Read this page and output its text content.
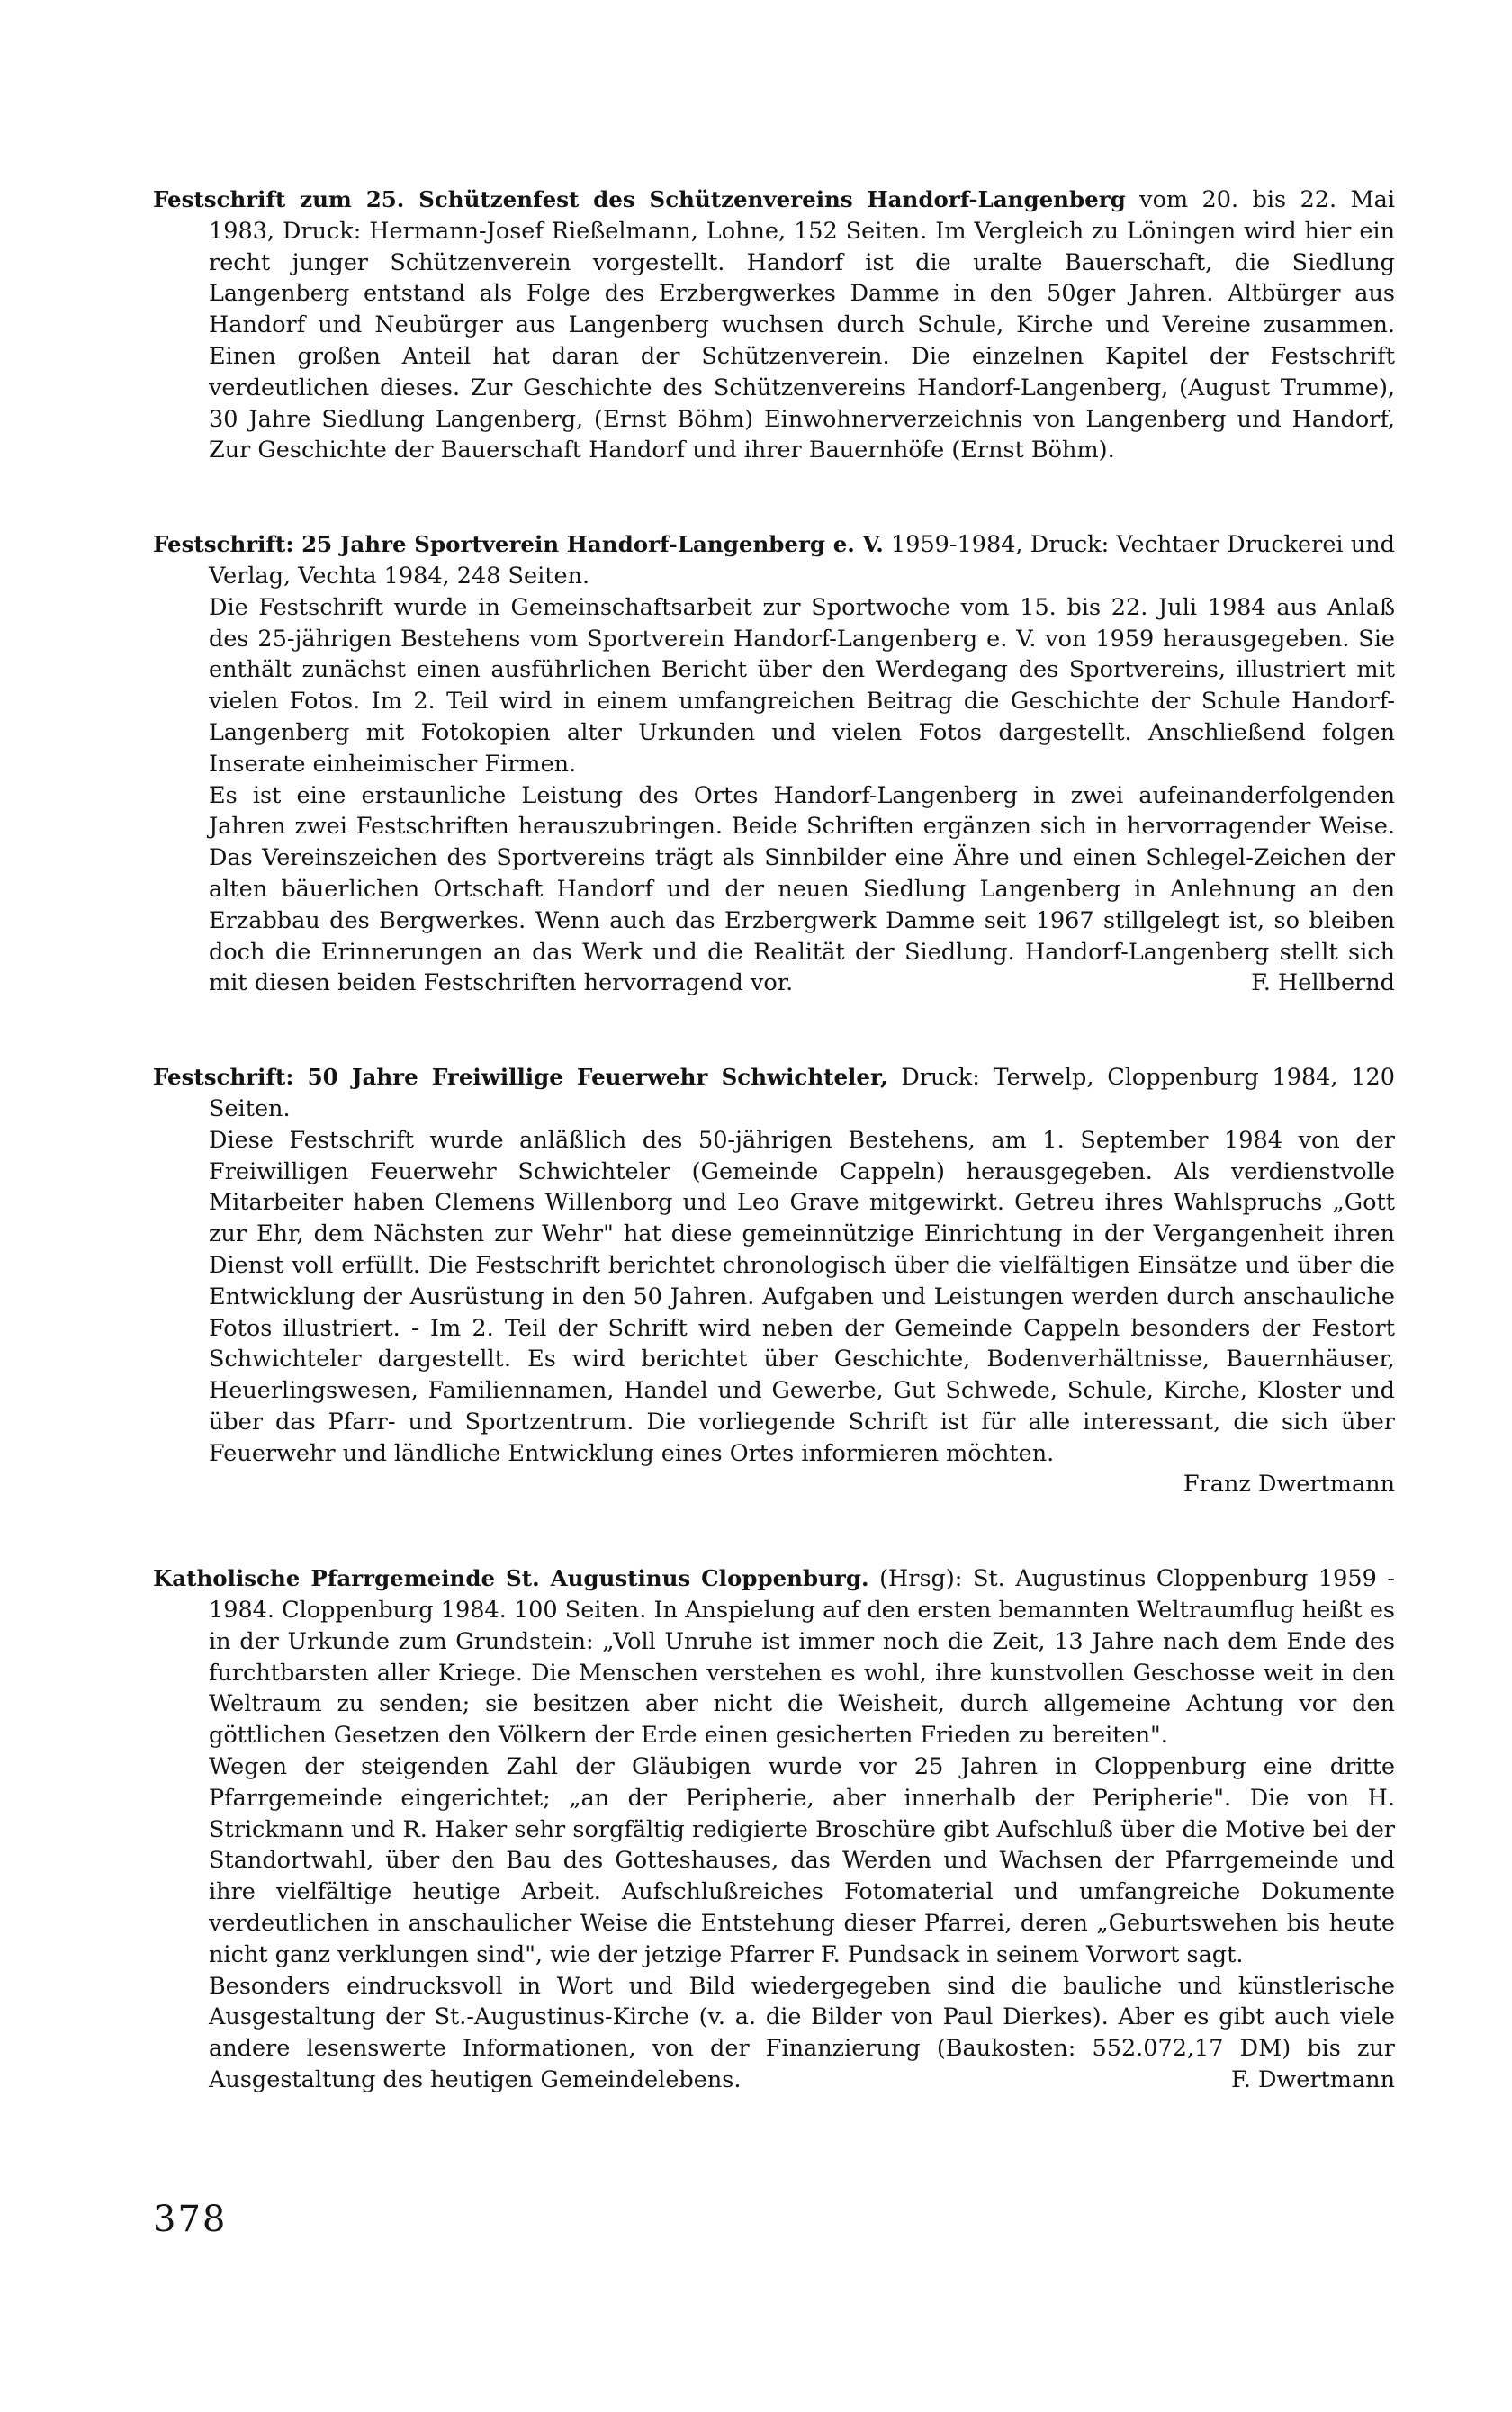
Festschrift zum 25. Schützenfest des Schützenvereins Handorf-Langenberg vom 20. bis 22. Mai 1983, Druck: Hermann-Josef Rießelmann, Lohne, 152 Seiten. Im Vergleich zu Löningen wird hier ein recht junger Schützenverein vorgestellt. Handorf ist die uralte Bauerschaft, die Siedlung Langenberg entstand als Folge des Erzbergwerkes Damme in den 50ger Jahren. Altbürger aus Handorf und Neubürger aus Langenberg wuchsen durch Schule, Kirche und Vereine zusammen. Einen großen Anteil hat daran der Schützenverein. Die einzelnen Kapitel der Festschrift verdeutlichen dieses. Zur Geschichte des Schützenvereins Handorf-Langenberg, (August Trumme), 30 Jahre Siedlung Langenberg, (Ernst Böhm) Einwohnerverzeichnis von Langenberg und Handorf, Zur Geschichte der Bauerschaft Handorf und ihrer Bauernhöfe (Ernst Böhm).

Festschrift: 25 Jahre Sportverein Handorf-Langenberg e. V. 1959-1984, Druck: Vechtaer Druckerei und Verlag, Vechta 1984, 248 Seiten.
Die Festschrift wurde in Gemeinschaftsarbeit zur Sportwoche vom 15. bis 22. Juli 1984 aus Anlaß des 25-jährigen Bestehens vom Sportverein Handorf-Langenberg e. V. von 1959 herausgegeben. Sie enthält zunächst einen ausführlichen Bericht über den Werdegang des Sportvereins, illustriert mit vielen Fotos. Im 2. Teil wird in einem umfangreichen Beitrag die Geschichte der Schule Handorf-Langenberg mit Fotokopien alter Urkunden und vielen Fotos dargestellt. Anschließend folgen Inserate einheimischer Firmen.
Es ist eine erstaunliche Leistung des Ortes Handorf-Langenberg in zwei aufeinanderfolgenden Jahren zwei Festschriften herauszubringen. Beide Schriften ergänzen sich in hervorragender Weise. Das Vereinszeichen des Sportvereins trägt als Sinnbilder eine Ähre und einen Schlegel-Zeichen der alten bäuerlichen Ortschaft Handorf und der neuen Siedlung Langenberg in Anlehnung an den Erzabbau des Bergwerkes. Wenn auch das Erzbergwerk Damme seit 1967 stillgelegt ist, so bleiben doch die Erinnerungen an das Werk und die Realität der Siedlung. Handorf-Langenberg stellt sich mit diesen beiden Festschriften hervorragend vor.	F. Hellbernd

Festschrift: 50 Jahre Freiwillige Feuerwehr Schwichteler, Druck: Terwelp, Cloppenburg 1984, 120 Seiten.
Diese Festschrift wurde anläßlich des 50-jährigen Bestehens, am 1. September 1984 von der Freiwilligen Feuerwehr Schwichteler (Gemeinde Cappeln) herausgegeben. Als verdienstvolle Mitarbeiter haben Clemens Willenborg und Leo Grave mitgewirkt. Getreu ihres Wahlspruchs „Gott zur Ehr, dem Nächsten zur Wehr" hat diese gemeinnützige Einrichtung in der Vergangenheit ihren Dienst voll erfüllt. Die Festschrift berichtet chronologisch über die vielfältigen Einsätze und über die Entwicklung der Ausrüstung in den 50 Jahren. Aufgaben und Leistungen werden durch anschauliche Fotos illustriert. - Im 2. Teil der Schrift wird neben der Gemeinde Cappeln besonders der Festort Schwichteler dargestellt. Es wird berichtet über Geschichte, Bodenverhältnisse, Bauernhäuser, Heuerlingswesen, Familiennamen, Handel und Gewerbe, Gut Schwede, Schule, Kirche, Kloster und über das Pfarr- und Sportzentrum. Die vorliegende Schrift ist für alle interessant, die sich über Feuerwehr und ländliche Entwicklung eines Ortes informieren möchten.
Franz Dwertmann

Katholische Pfarrgemeinde St. Augustinus Cloppenburg. (Hrsg): St. Augustinus Cloppenburg 1959 - 1984. Cloppenburg 1984. 100 Seiten. In Anspielung auf den ersten bemannten Weltraumflug heißt es in der Urkunde zum Grundstein: „Voll Unruhe ist immer noch die Zeit, 13 Jahre nach dem Ende des furchtbarsten aller Kriege. Die Menschen verstehen es wohl, ihre kunstvollen Geschosse weit in den Weltraum zu senden; sie besitzen aber nicht die Weisheit, durch allgemeine Achtung vor den göttlichen Gesetzen den Völkern der Erde einen gesicherten Frieden zu bereiten".
Wegen der steigenden Zahl der Gläubigen wurde vor 25 Jahren in Cloppenburg eine dritte Pfarrgemeinde eingerichtet; „an der Peripherie, aber innerhalb der Peripherie". Die von H. Strickmann und R. Haker sehr sorgfältig redigierte Broschüre gibt Aufschluß über die Motive bei der Standortwahl, über den Bau des Gotteshauses, das Werden und Wachsen der Pfarrgemeinde und ihre vielfältige heutige Arbeit. Aufschlußreiches Fotomaterial und umfangreiche Dokumente verdeutlichen in anschaulicher Weise die Entstehung dieser Pfarrei, deren „Geburtswehen bis heute nicht ganz verklungen sind", wie der jetzige Pfarrer F. Pundsack in seinem Vorwort sagt.
Besonders eindrucksvoll in Wort und Bild wiedergegeben sind die bauliche und künstlerische Ausgestaltung der St.-Augustinus-Kirche (v. a. die Bilder von Paul Dierkes). Aber es gibt auch viele andere lesenswerte Informationen, von der Finanzierung (Baukosten: 552.072,17 DM) bis zur Ausgestaltung des heutigen Gemeindelebens.	F. Dwertmann

378
